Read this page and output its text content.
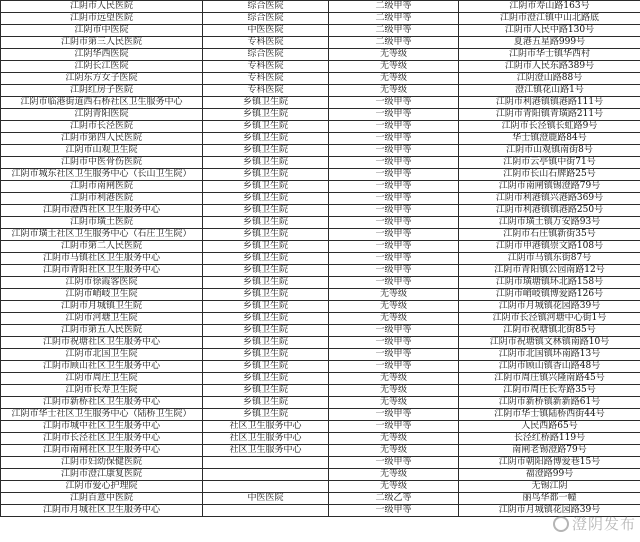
江阴市人民医院	综合医院	二级甲等	江阴市寿山路163号
江阴市远望医院	综合医院	二级甲等	江阴市澄江镇中山北路底
江阴市中医院	中医医院	二级甲等	江阴市人民中路130号
江阴市第三人民医院	专科医院	二级甲等	夏港五星路999号
江阴华西医院	综合医院	无等级	江阴市华士镇华西村
江阴长江医院	专科医院	无等级	江阴市人民东路389号
江阴东方女子医院	专科医院	无等级	江阴澄山路88号
江阴红房子医院	专科医院	无等级	澄江镇花山路1号
江阴市临港街道西石桥社区卫生服务中心	乡镇卫生院	一级甲等	江阴市利港镇镇港路111号
江阴青阳医院	乡镇卫生院	一级甲等	江阴市青阳镇青璜路211号
江阴市长泾医院	乡镇卫生院	一级甲等	江阴市长泾镇长虹路9号
江阴市第四人民医院	乡镇卫生院	一级甲等	华士镇澄鹿路84号
江阴市山观卫生院	乡镇卫生院	一级甲等	江阴市山观镇南街8号
江阴市中医骨伤医院	乡镇卫生院	一级甲等	江阴市云亭镇中街71号
江阴市城东社区卫生服务中心（长山卫生院）	乡镇卫生院	一级甲等	江阴市长山石牌路25号
江阴市南闸医院	乡镇卫生院	一级甲等	江阴市南闸镇锡澄路79号
江阴市利港医院	乡镇卫生院	一级甲等	江阴市利港镇兴港路369号
江阴市澄西社区卫生服务中心	乡镇卫生院	一级甲等	江阴市利港镇镇港路250号
江阴市璜土医院	乡镇卫生院	一级甲等	江阴市璜土镇万安路93号
江阴市璜土社区卫生服务中心（石庄卫生院）	乡镇卫生院	一级甲等	江阴市石庄镇新街35号
江阴市第二人民医院	乡镇卫生院	一级甲等	江阴市申港镇崇文路108号
江阴市马镇社区卫生服务中心	乡镇卫生院	一级甲等	江阴市马镇东街87号
江阴市青阳社区卫生服务中心	乡镇卫生院	一级甲等	江阴市青阳镇公园南路12号
江阴市徐霞客医院	乡镇卫生院	一级甲等	江阴市璜塘镇环北路158号
江阴市峭岐卫生院	乡镇卫生院	无等级	江阴市峭岐镇博爱路126号
江阴市月城镇卫生院	乡镇卫生院	无等级	江阴市月城镇花园路39号
江阴市河塘卫生院	乡镇卫生院	无等级	江阴市长泾镇河塘中心街1号
江阴市第五人民医院	乡镇卫生院	一级甲等	江阴市祝塘镇北街85号
江阴市祝塘社区卫生服务中心	乡镇卫生院	一级甲等	江阴市祝塘镇文林镇南路10号
江阴市北国卫生院	乡镇卫生院	一级甲等	江阴市北国镇环南路13号
江阴市顾山社区卫生服务中心	乡镇卫生院	一级甲等	江阴市顾山镇香山路48号
江阴市周庄卫生院	乡镇卫生院	无等级	江阴市周庄镇兴隆南路45号
江阴市长寿卫生院	乡镇卫生院	无等级	江阴市周庄长寿路35号
江阴市新桥社区卫生服务中心	乡镇卫生院	无等级	江阴市新桥镇新新路61号
江阴市华士社区卫生服务中心（陆桥卫生院）	乡镇卫生院	一级甲等	江阴市华士镇陆桥西街44号
江阴市城中社区卫生服务中心	社区卫生服务中心	一级甲等	人民西路65号
江阴市长泾社区卫生服务中心	社区卫生服务中心	无等级	长泾红桥路119号
江阴市南闸社区卫生服务中心	社区卫生服务中心	无等级	南闸老锡澄路79号
江阴市妇幼保健医院		一级甲等	江阴市朝阳路博爱巷15号
江阴市澄江康复医院		无等级	福澄路99号
江阴市爱心护理院		无等级	无锡江阴
江阴百意中医院	中医医院	二级乙等	丽鸟华都一幢
江阴市月城社区卫生服务中心		一级甲等	江阴市月城镇花园路39号
澄阴发布
